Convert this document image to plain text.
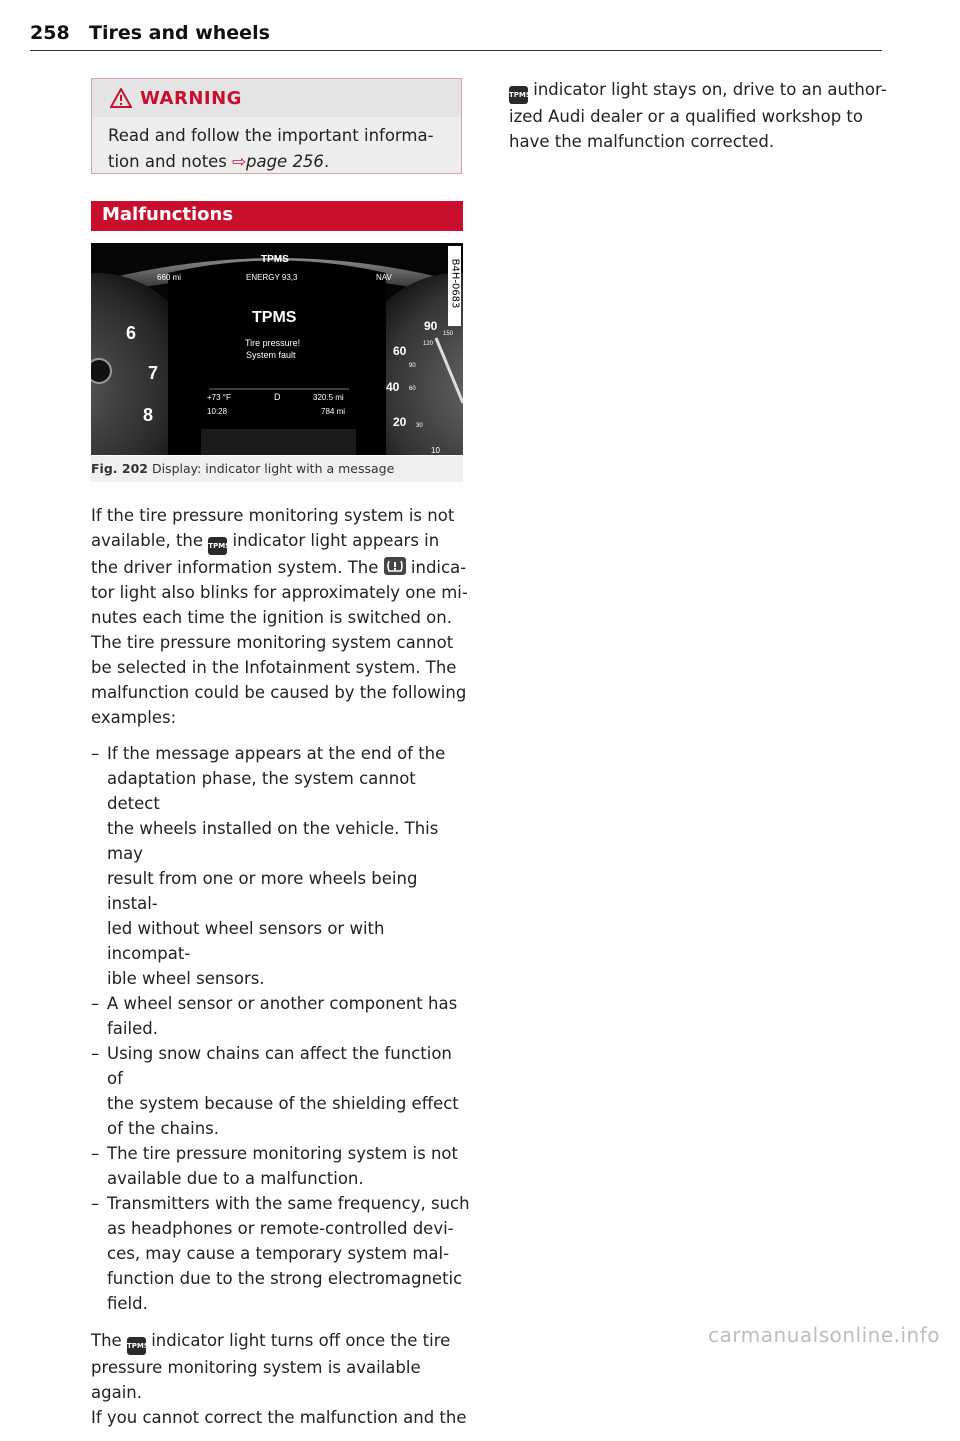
258 Tires and wheels
WARNING
Read and follow the important informa-
tion and notes ⇨page 256.
Malfunctions
TPMS
660 mi	ENERGY 93,3	NAV
TPMS
Tire pressure!
System fault
+73 °F	D	320.5 mi
10:28	784 mi
6
7
8
90
60
40
20
150
120
90
60
30
10
B4H-0683
Fig. 202 Display: indicator light with a message
If the tire pressure monitoring system is not
available, the TPMS indicator light appears in
the driver information system. The indica-
tor light also blinks for approximately one mi-
nutes each time the ignition is switched on.
The tire pressure monitoring system cannot
be selected in the Infotainment system. The
malfunction could be caused by the following
examples:
– If the message appears at the end of the
adaptation phase, the system cannot detect
the wheels installed on the vehicle. This may
result from one or more wheels being instal-
led without wheel sensors or with incompat-
ible wheel sensors.
– A wheel sensor or another component has
failed.
– Using snow chains can affect the function of
the system because of the shielding effect
of the chains.
– The tire pressure monitoring system is not
available due to a malfunction.
– Transmitters with the same frequency, such
as headphones or remote-controlled devi-
ces, may cause a temporary system mal-
function due to the strong electromagnetic
field.
The TPMS indicator light turns off once the tire
pressure monitoring system is available again.
If you cannot correct the malfunction and the
TPMS indicator light stays on, drive to an author-
ized Audi dealer or a qualified workshop to
have the malfunction corrected.
carmanualsonline.info
